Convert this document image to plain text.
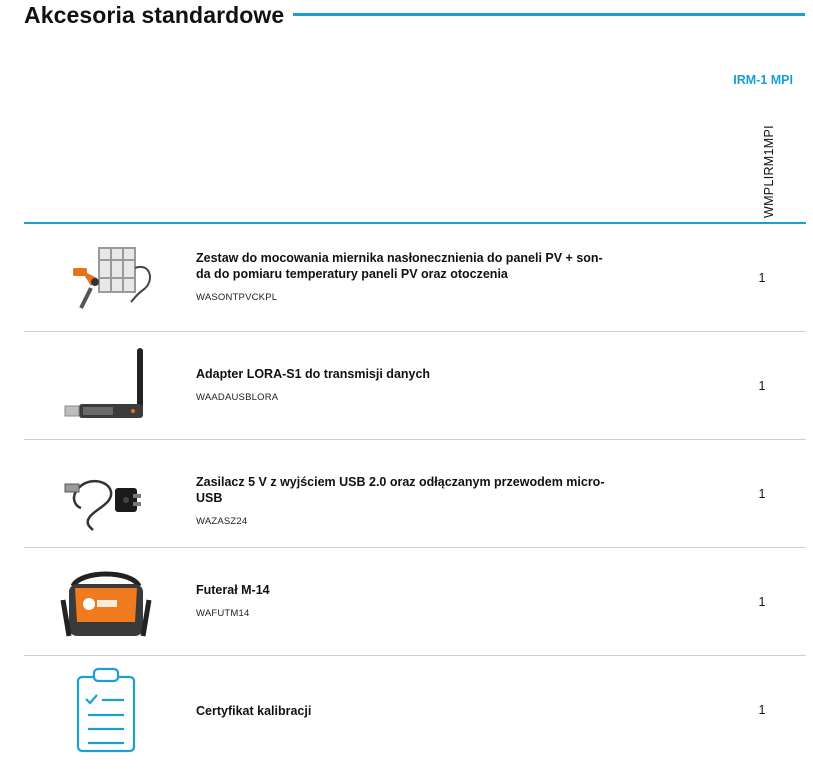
Akcesoria standardowe
IRM-1 MPI
WMPLIRM1MPI
Zestaw do mocowania miernika nasłonecznienia do paneli PV + son-
da do pomiaru temperatury paneli PV oraz otoczenia
WASONTPVCKPL
1
Adapter LORA-S1 do transmisji danych
WAADAUSBLORA
1
Zasilacz 5 V z wyjściem USB 2.0 oraz odłączanym przewodem micro-USB
WAZASZ24
1
Futerał M-14
WAFUTM14
1
Certyfikat kalibracji	1
